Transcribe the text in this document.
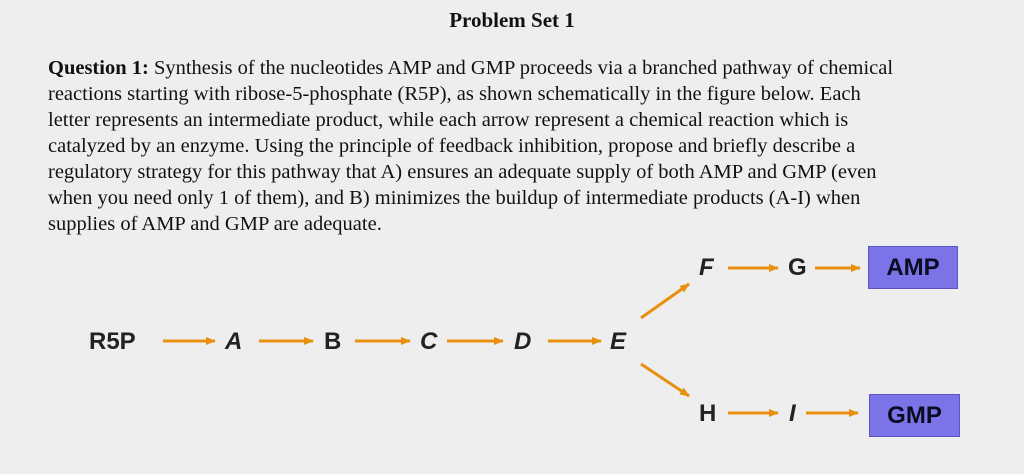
Problem Set 1
Question 1: Synthesis of the nucleotides AMP and GMP proceeds via a branched pathway of chemical
reactions starting with ribose-5-phosphate (R5P), as shown schematically in the figure below. Each
letter represents an intermediate product, while each arrow represent a chemical reaction which is
catalyzed by an enzyme. Using the principle of feedback inhibition, propose and briefly describe a
regulatory strategy for this pathway that A) ensures an adequate supply of both AMP and GMP (even
when you need only 1 of them), and B) minimizes the buildup of intermediate products (A-I) when
supplies of AMP and GMP are adequate.
R5P	A	B	C	D	E
F	G	AMP
H	I	GMP
